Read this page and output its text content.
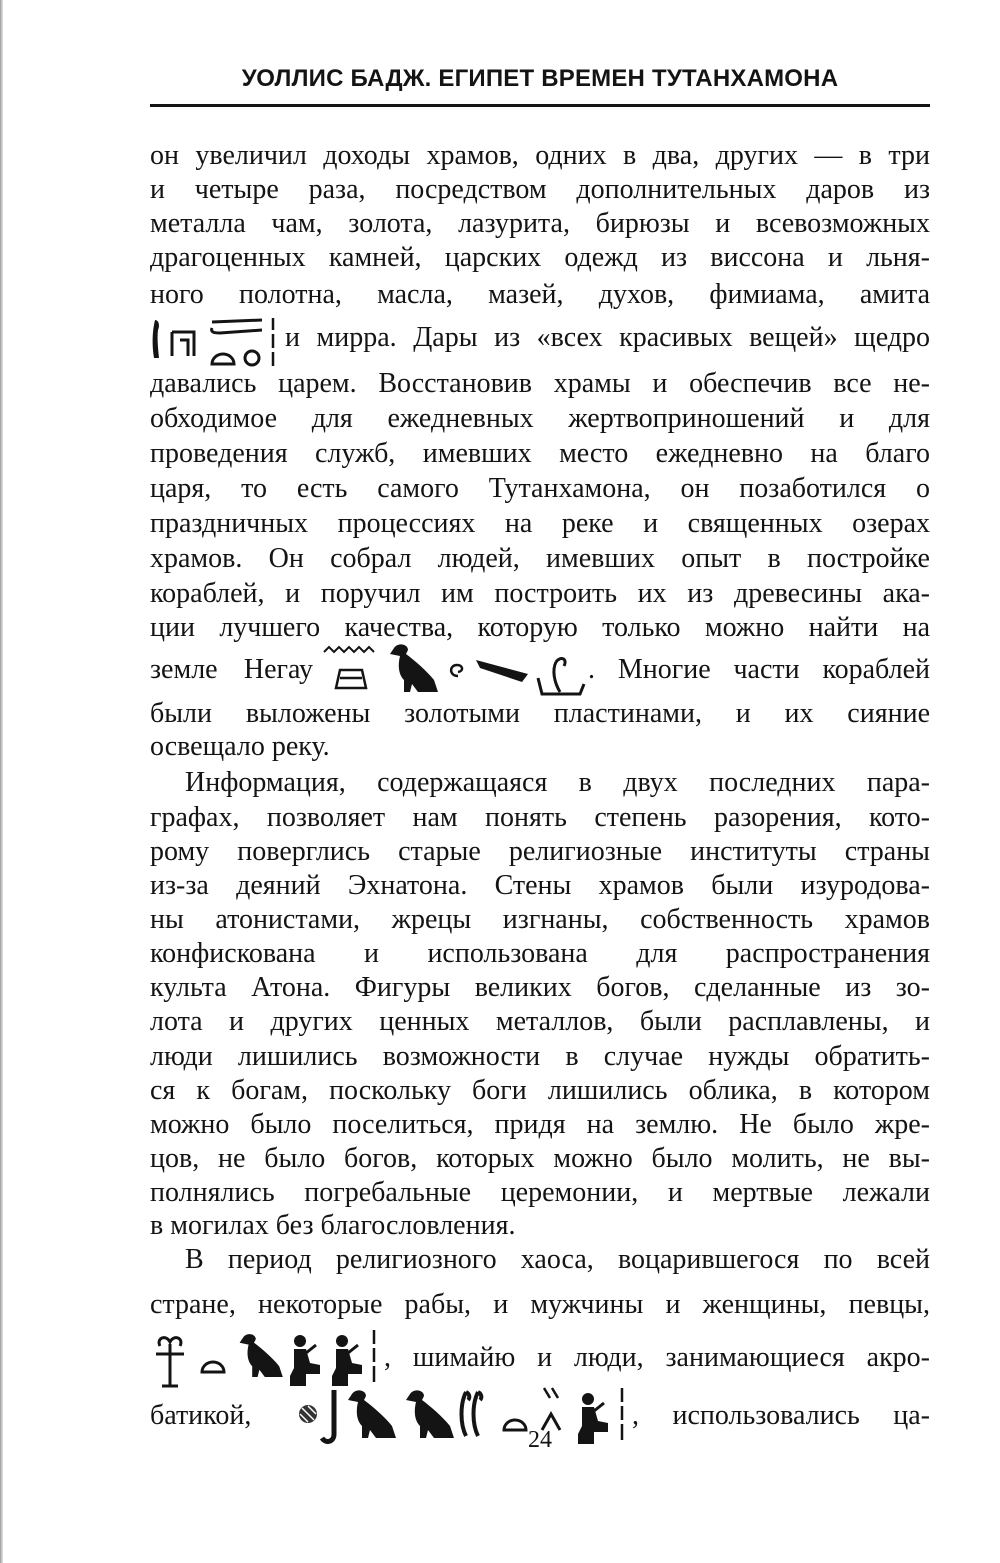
УОЛЛИС БАДЖ. ЕГИПЕТ ВРЕМЕН ТУТАНХАМОНА
он увеличил доходы храмов, одних в два, других — в три
и четыре раза, посредством дополнительных даров из
металла чам, золота, лазурита, бирюзы и всевозможных
драгоценных камней, царских одежд из виссона и льня-
ного полотна, масла, мазей, духов, фимиама, амита
и мирра. Дары из «всех красивых вещей» щедро
давались царем. Восстановив храмы и обеспечив все не-
обходимое для ежедневных жертвоприношений и для
проведения служб, имевших место ежедневно на благо
царя, то есть самого Тутанхамона, он позаботился о
праздничных процессиях на реке и священных озерах
храмов. Он собрал людей, имевших опыт в постройке
кораблей, и поручил им построить их из древесины ака-
ции лучшего качества, которую только можно найти на
земле Негау	. Многие части кораблей
были выложены золотыми пластинами, и их сияние
освещало реку.
Информация, содержащаяся в двух последних пара-
графах, позволяет нам понять степень разорения, кото-
рому поверглись старые религиозные институты страны
из-за деяний Эхнатона. Стены храмов были изуродова-
ны атонистами, жрецы изгнаны, собственность храмов
конфискована и использована для распространения
культа Атона. Фигуры великих богов, сделанные из зо-
лота и других ценных металлов, были расплавлены, и
люди лишились возможности в случае нужды обратить-
ся к богам, поскольку боги лишились облика, в котором
можно было поселиться, придя на землю. Не было жре-
цов, не было богов, которых можно было молить, не вы-
полнялись погребальные церемонии, и мертвые лежали
в могилах без благословления.
В период религиозного хаоса, воцарившегося по всей
стране, некоторые рабы, и мужчины и женщины, певцы,
, шимайю и люди, занимающиеся акро-
батикой,	, использовались ца-
24
